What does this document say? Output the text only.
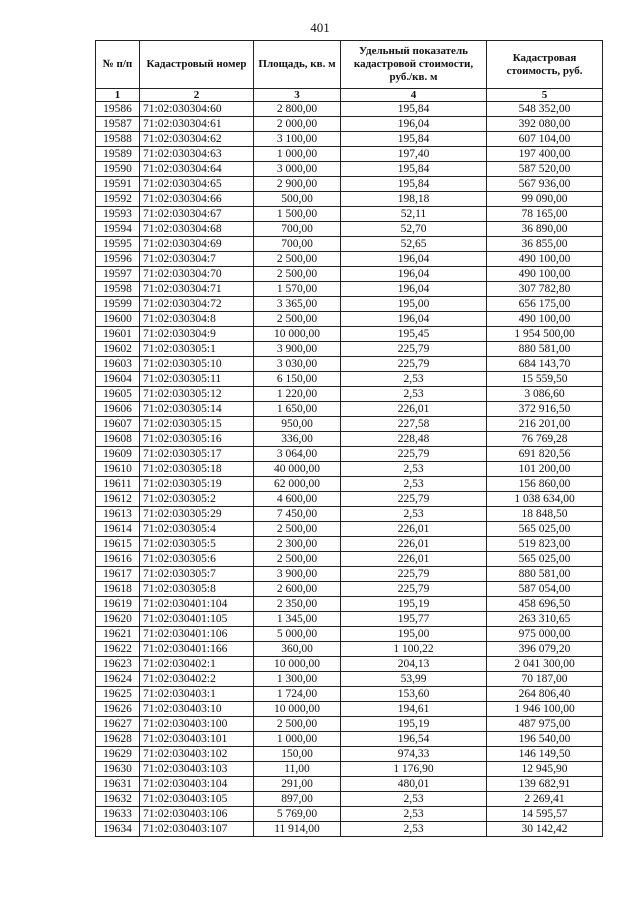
401
№ п/п	Кадастровый номер	Площадь, кв. м	Удельный показатель кадастровой стоимости, руб./кв. м	Кадастровая стоимость, руб.
1	2	3	4	5
19586	71:02:030304:60	2 800,00	195,84	548 352,00
19587	71:02:030304:61	2 000,00	196,04	392 080,00
19588	71:02:030304:62	3 100,00	195,84	607 104,00
19589	71:02:030304:63	1 000,00	197,40	197 400,00
19590	71:02:030304:64	3 000,00	195,84	587 520,00
19591	71:02:030304:65	2 900,00	195,84	567 936,00
19592	71:02:030304:66	500,00	198,18	99 090,00
19593	71:02:030304:67	1 500,00	52,11	78 165,00
19594	71:02:030304:68	700,00	52,70	36 890,00
19595	71:02:030304:69	700,00	52,65	36 855,00
19596	71:02:030304:7	2 500,00	196,04	490 100,00
19597	71:02:030304:70	2 500,00	196,04	490 100,00
19598	71:02:030304:71	1 570,00	196,04	307 782,80
19599	71:02:030304:72	3 365,00	195,00	656 175,00
19600	71:02:030304:8	2 500,00	196,04	490 100,00
19601	71:02:030304:9	10 000,00	195,45	1 954 500,00
19602	71:02:030305:1	3 900,00	225,79	880 581,00
19603	71:02:030305:10	3 030,00	225,79	684 143,70
19604	71:02:030305:11	6 150,00	2,53	15 559,50
19605	71:02:030305:12	1 220,00	2,53	3 086,60
19606	71:02:030305:14	1 650,00	226,01	372 916,50
19607	71:02:030305:15	950,00	227,58	216 201,00
19608	71:02:030305:16	336,00	228,48	76 769,28
19609	71:02:030305:17	3 064,00	225,79	691 820,56
19610	71:02:030305:18	40 000,00	2,53	101 200,00
19611	71:02:030305:19	62 000,00	2,53	156 860,00
19612	71:02:030305:2	4 600,00	225,79	1 038 634,00
19613	71:02:030305:29	7 450,00	2,53	18 848,50
19614	71:02:030305:4	2 500,00	226,01	565 025,00
19615	71:02:030305:5	2 300,00	226,01	519 823,00
19616	71:02:030305:6	2 500,00	226,01	565 025,00
19617	71:02:030305:7	3 900,00	225,79	880 581,00
19618	71:02:030305:8	2 600,00	225,79	587 054,00
19619	71:02:030401:104	2 350,00	195,19	458 696,50
19620	71:02:030401:105	1 345,00	195,77	263 310,65
19621	71:02:030401:106	5 000,00	195,00	975 000,00
19622	71:02:030401:166	360,00	1 100,22	396 079,20
19623	71:02:030402:1	10 000,00	204,13	2 041 300,00
19624	71:02:030402:2	1 300,00	53,99	70 187,00
19625	71:02:030403:1	1 724,00	153,60	264 806,40
19626	71:02:030403:10	10 000,00	194,61	1 946 100,00
19627	71:02:030403:100	2 500,00	195,19	487 975,00
19628	71:02:030403:101	1 000,00	196,54	196 540,00
19629	71:02:030403:102	150,00	974,33	146 149,50
19630	71:02:030403:103	11,00	1 176,90	12 945,90
19631	71:02:030403:104	291,00	480,01	139 682,91
19632	71:02:030403:105	897,00	2,53	2 269,41
19633	71:02:030403:106	5 769,00	2,53	14 595,57
19634	71:02:030403:107	11 914,00	2,53	30 142,42
